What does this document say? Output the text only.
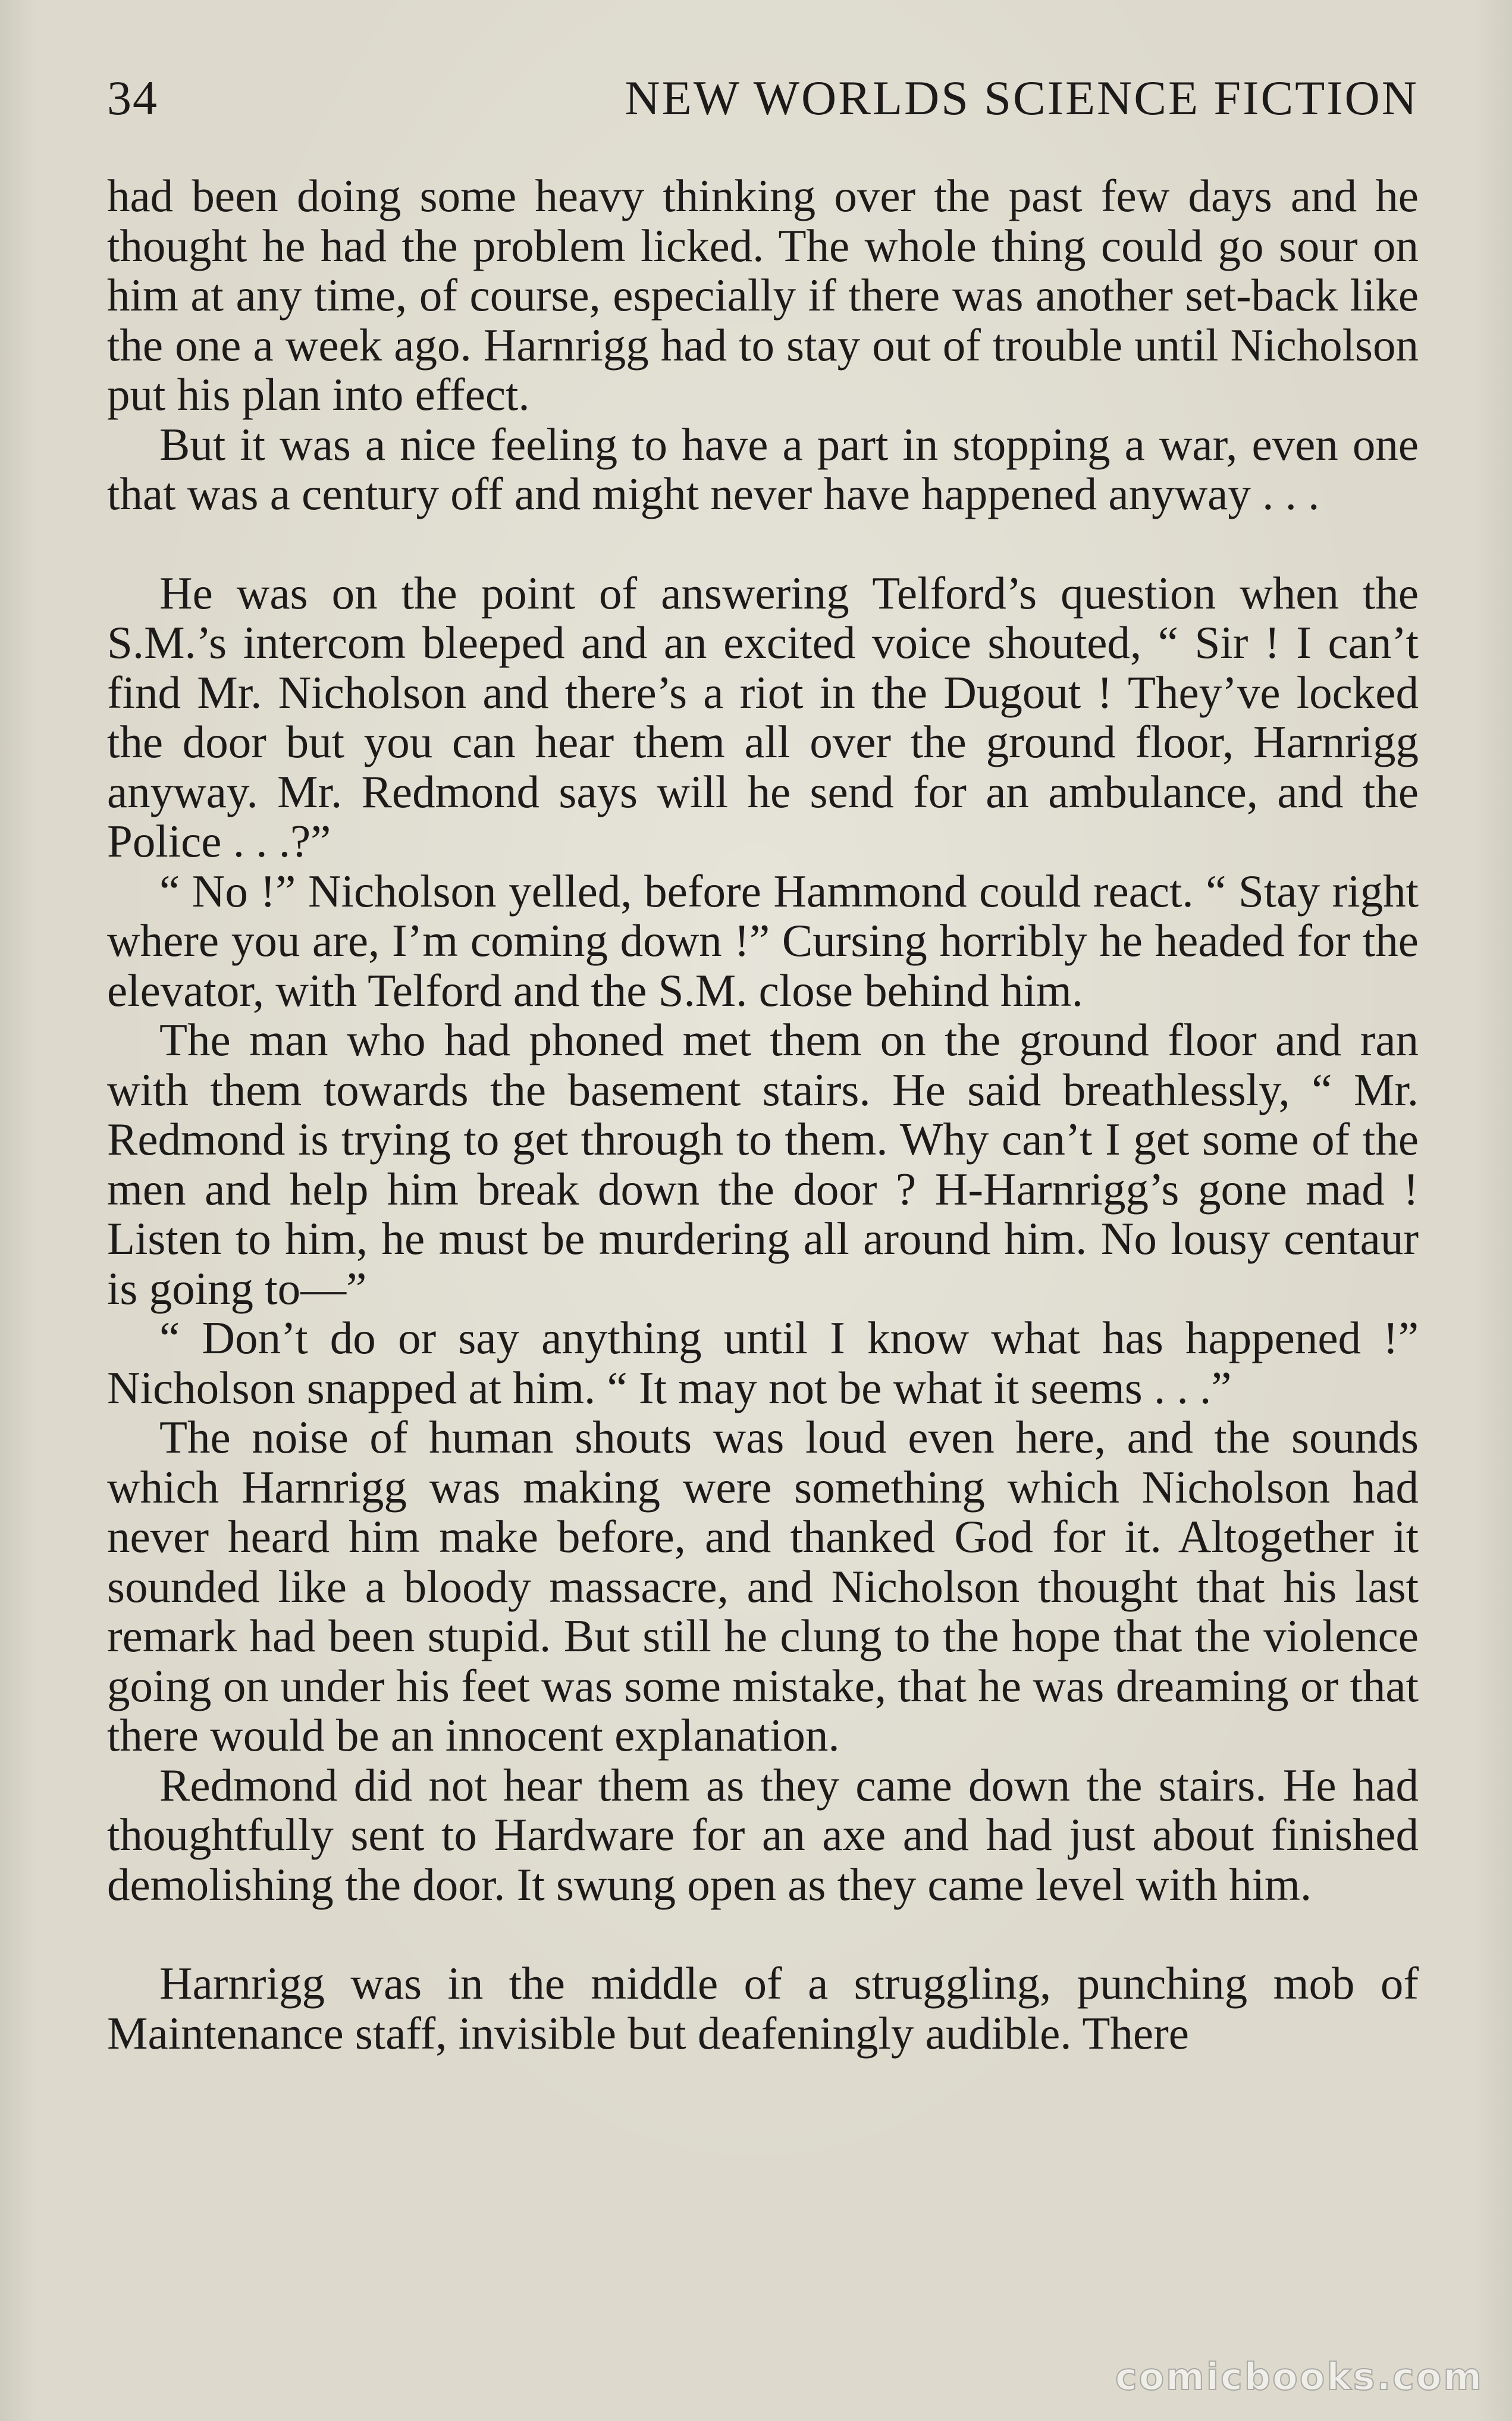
34	NEW WORLDS SCIENCE FICTION

had been doing some heavy thinking over the past few days and he thought he had the problem licked. The whole thing could go sour on him at any time, of course, especially if there was another set-back like the one a week ago. Harnrigg had to stay out of trouble until Nicholson put his plan into effect.

But it was a nice feeling to have a part in stopping a war, even one that was a century off and might never have happened anyway . . .

He was on the point of answering Telford’s question when the S.M.’s intercom bleeped and an excited voice shouted, “ Sir ! I can’t find Mr. Nicholson and there’s a riot in the Dugout ! They’ve locked the door but you can hear them all over the ground floor, Harnrigg anyway. Mr. Redmond says will he send for an ambulance, and the Police . . .?”

“ No !” Nicholson yelled, before Hammond could react. “ Stay right where you are, I’m coming down !” Cursing horribly he headed for the elevator, with Telford and the S.M. close behind him.

The man who had phoned met them on the ground floor and ran with them towards the basement stairs. He said breathlessly, “ Mr. Redmond is trying to get through to them. Why can’t I get some of the men and help him break down the door ? H-Harnrigg’s gone mad ! Listen to him, he must be murdering all around him. No lousy centaur is going to—”

“ Don’t do or say anything until I know what has happened !” Nicholson snapped at him. “ It may not be what it seems . . .”

The noise of human shouts was loud even here, and the sounds which Harnrigg was making were something which Nicholson had never heard him make before, and thanked God for it. Altogether it sounded like a bloody massacre, and Nicholson thought that his last remark had been stupid. But still he clung to the hope that the violence going on under his feet was some mistake, that he was dreaming or that there would be an innocent explanation.

Redmond did not hear them as they came down the stairs. He had thoughtfully sent to Hardware for an axe and had just about finished demolishing the door. It swung open as they came level with him.

Harnrigg was in the middle of a struggling, punching mob of Maintenance staff, invisible but deafeningly audible. There

comicbooks.com
